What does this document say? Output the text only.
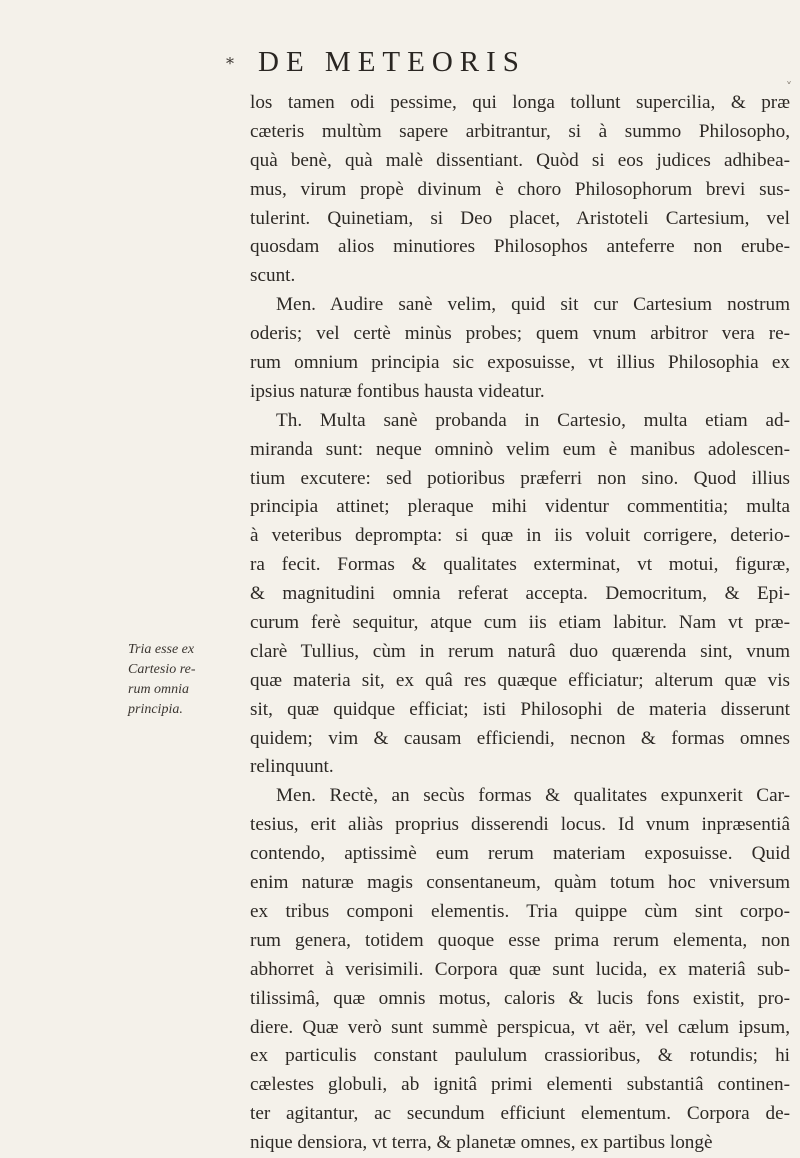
* DE METEORIS
˅
los tamen odi pessime, qui longa tollunt supercilia, & præ
cæteris multùm sapere arbitrantur, si à summo Philosopho,
quà benè, quà malè dissentiant. Quòd si eos judices adhibea-
mus, virum propè divinum è choro Philosophorum brevi sus-
tulerint. Quinetiam, si Deo placet, Aristoteli Cartesium, vel
quosdam alios minutiores Philosophos anteferre non erube-
scunt.
Men. Audire sanè velim, quid sit cur Cartesium nostrum
oderis; vel certè minùs probes; quem vnum arbitror vera re-
rum omnium principia sic exposuisse, vt illius Philosophia ex
ipsius naturæ fontibus hausta videatur.
Th. Multa sanè probanda in Cartesio, multa etiam ad-
miranda sunt: neque omninò velim eum è manibus adolescen-
tium excutere: sed potioribus præferri non sino. Quod illius
principia attinet; pleraque mihi videntur commentitia; multa
à veteribus deprompta: si quæ in iis voluit corrigere, deterio-
ra fecit. Formas & qualitates exterminat, vt motui, figuræ,
& magnitudini omnia referat accepta. Democritum, & Epi-
curum ferè sequitur, atque cum iis etiam labitur. Nam vt præ-
clarè Tullius, cùm in rerum naturâ duo quærenda sint, vnum
quæ materia sit, ex quâ res quæque efficiatur; alterum quæ vis
sit, quæ quidque efficiat; isti Philosophi de materia disserunt
quidem; vim & causam efficiendi, necnon & formas omnes
relinquunt.
Men. Rectè, an secùs formas & qualitates expunxerit Car-
tesius, erit aliàs proprius disserendi locus. Id vnum inpræsentiâ
contendo, aptissimè eum rerum materiam exposuisse. Quid
enim naturæ magis consentaneum, quàm totum hoc vniversum
ex tribus componi elementis. Tria quippe cùm sint corpo-
rum genera, totidem quoque esse prima rerum elementa, non
abhorret à verisimili. Corpora quæ sunt lucida, ex materiâ sub-
tilissimâ, quæ omnis motus, caloris & lucis fons existit, pro-
diere. Quæ verò sunt summè perspicua, vt aër, vel cælum ipsum,
ex particulis constant paululum crassioribus, & rotundis; hi
cælestes globuli, ab ignitâ primi elementi substantiâ continen-
ter agitantur, ac secundum efficiunt elementum. Corpora de-
nique densiora, vt terra, & planetæ omnes, ex partibus longè
Tria esse ex
Cartesio re-
rum omnia
principia.
